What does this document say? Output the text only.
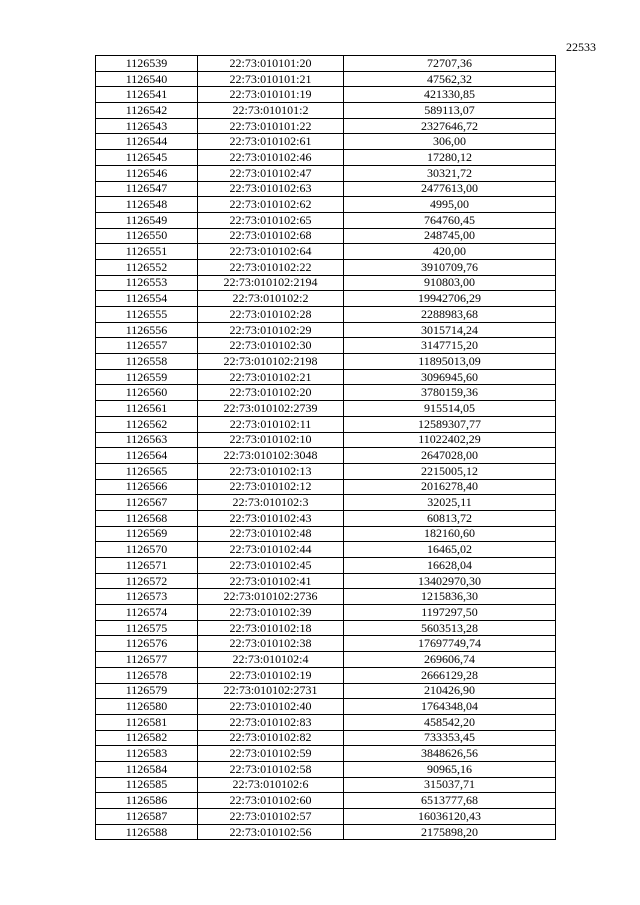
22533
1126539	22:73:010101:20	72707,36
1126540	22:73:010101:21	47562,32
1126541	22:73:010101:19	421330,85
1126542	22:73:010101:2	589113,07
1126543	22:73:010101:22	2327646,72
1126544	22:73:010102:61	306,00
1126545	22:73:010102:46	17280,12
1126546	22:73:010102:47	30321,72
1126547	22:73:010102:63	2477613,00
1126548	22:73:010102:62	4995,00
1126549	22:73:010102:65	764760,45
1126550	22:73:010102:68	248745,00
1126551	22:73:010102:64	420,00
1126552	22:73:010102:22	3910709,76
1126553	22:73:010102:2194	910803,00
1126554	22:73:010102:2	19942706,29
1126555	22:73:010102:28	2288983,68
1126556	22:73:010102:29	3015714,24
1126557	22:73:010102:30	3147715,20
1126558	22:73:010102:2198	11895013,09
1126559	22:73:010102:21	3096945,60
1126560	22:73:010102:20	3780159,36
1126561	22:73:010102:2739	915514,05
1126562	22:73:010102:11	12589307,77
1126563	22:73:010102:10	11022402,29
1126564	22:73:010102:3048	2647028,00
1126565	22:73:010102:13	2215005,12
1126566	22:73:010102:12	2016278,40
1126567	22:73:010102:3	32025,11
1126568	22:73:010102:43	60813,72
1126569	22:73:010102:48	182160,60
1126570	22:73:010102:44	16465,02
1126571	22:73:010102:45	16628,04
1126572	22:73:010102:41	13402970,30
1126573	22:73:010102:2736	1215836,30
1126574	22:73:010102:39	1197297,50
1126575	22:73:010102:18	5603513,28
1126576	22:73:010102:38	17697749,74
1126577	22:73:010102:4	269606,74
1126578	22:73:010102:19	2666129,28
1126579	22:73:010102:2731	210426,90
1126580	22:73:010102:40	1764348,04
1126581	22:73:010102:83	458542,20
1126582	22:73:010102:82	733353,45
1126583	22:73:010102:59	3848626,56
1126584	22:73:010102:58	90965,16
1126585	22:73:010102:6	315037,71
1126586	22:73:010102:60	6513777,68
1126587	22:73:010102:57	16036120,43
1126588	22:73:010102:56	2175898,20
